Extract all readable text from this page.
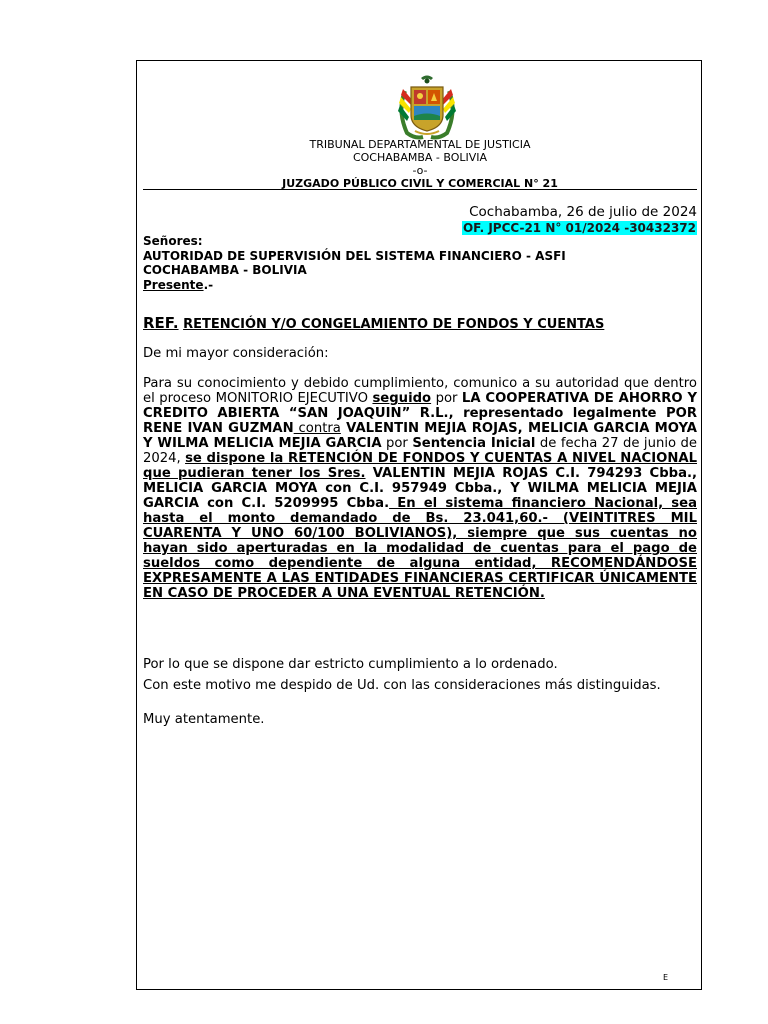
TRIBUNAL DEPARTAMENTAL DE JUSTICIA
COCHABAMBA - BOLIVIA
-o-
JUZGADO PÚBLICO CIVIL Y COMERCIAL N° 21
Cochabamba, 26 de julio de 2024
OF. JPCC-21 N° 01/2024 -30432372
Señores:
AUTORIDAD DE SUPERVISIÓN DEL SISTEMA FINANCIERO - ASFI
COCHABAMBA - BOLIVIA
Presente.-
REF. RETENCIÓN Y/O CONGELAMIENTO DE FONDOS Y CUENTAS
De mi mayor consideración:
Para su conocimiento y debido cumplimiento, comunico a su autoridad que dentro el proceso MONITORIO EJECUTIVO seguido por LA COOPERATIVA DE AHORRO Y CREDITO ABIERTA “SAN JOAQUIN” R.L., representado legalmente POR RENE IVAN GUZMAN contra VALENTIN MEJIA ROJAS, MELICIA GARCIA MOYA Y WILMA MELICIA MEJIA GARCIA por Sentencia Inicial de fecha 27 de junio de 2024, se dispone la RETENCIÓN DE FONDOS Y CUENTAS A NIVEL NACIONAL que pudieran tener los Sres. VALENTIN MEJIA ROJAS C.I. 794293 Cbba., MELICIA GARCIA MOYA con C.I. 957949 Cbba., Y WILMA MELICIA MEJIA GARCIA con C.I. 5209995 Cbba. En el sistema financiero Nacional, sea hasta el monto demandado de Bs. 23.041,60.- (VEINTITRES MIL CUARENTA Y UNO 60/100 BOLIVIANOS), siempre que sus cuentas no hayan sido aperturadas en la modalidad de cuentas para el pago de sueldos como dependiente de alguna entidad, RECOMENDÁNDOSE EXPRESAMENTE A LAS ENTIDADES FINANCIERAS CERTIFICAR ÚNICAMENTE EN CASO DE PROCEDER A UNA EVENTUAL RETENCIÓN.
Por lo que se dispone dar estricto cumplimiento a lo ordenado.
Con este motivo me despido de Ud. con las consideraciones más distinguidas.
Muy atentamente.
E
